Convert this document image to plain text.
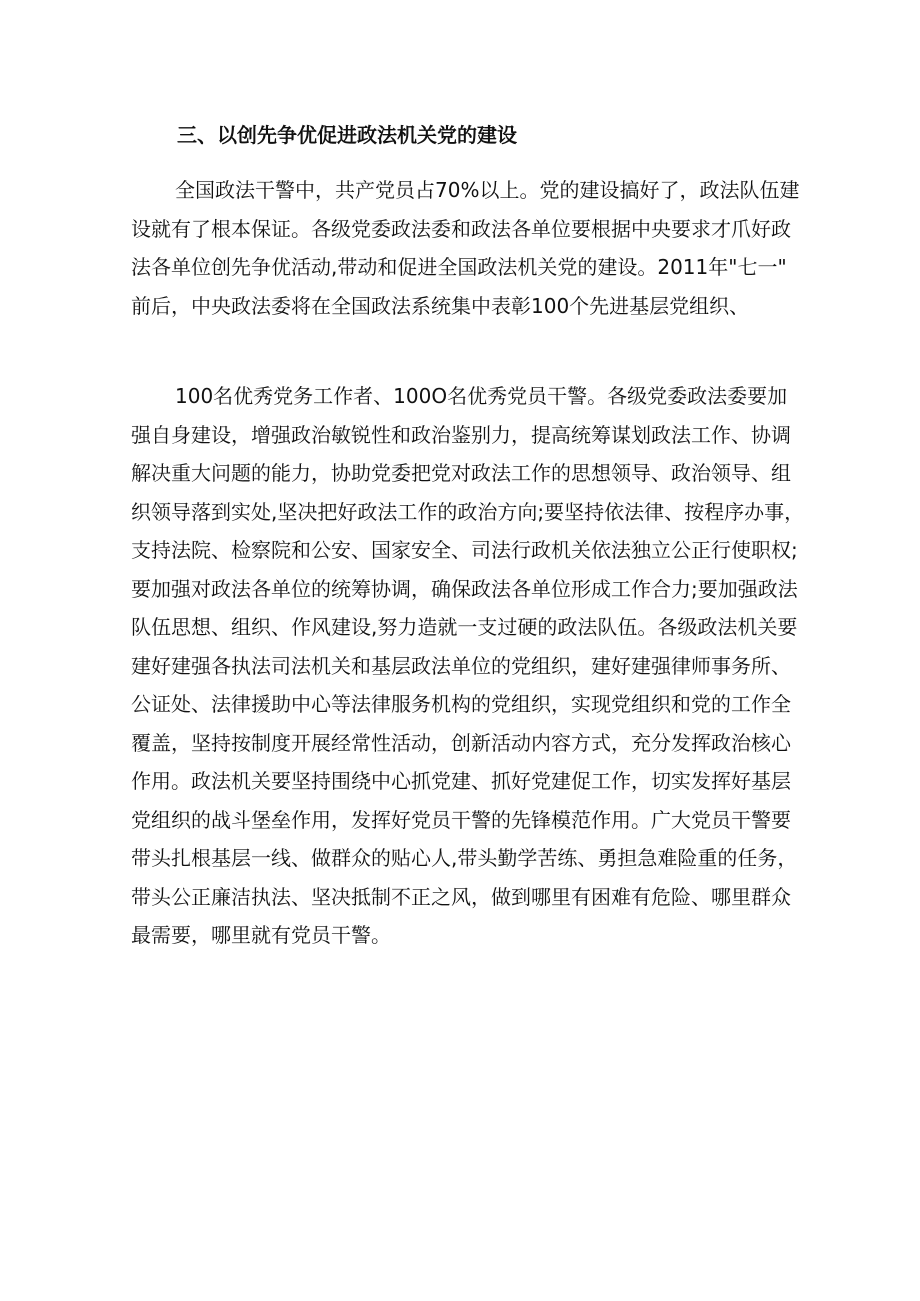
三、以创先争优促进政法机关党的建设
全国政法干警中，共产党员占70%以上。党的建设搞好了，政法队伍建
设就有了根本保证。各级党委政法委和政法各单位要根据中央要求才爪好政
法各单位创先争优活动,带动和促进全国政法机关党的建设。2011年"七一"
前后，中央政法委将在全国政法系统集中表彰100个先进基层党组织、
100名优秀党务工作者、100O名优秀党员干警。各级党委政法委要加
强自身建设，增强政治敏锐性和政治鉴别力，提高统筹谋划政法工作、协调
解决重大问题的能力，协助党委把党对政法工作的思想领导、政治领导、组
织领导落到实处,坚决把好政法工作的政治方向;要坚持依法律、按程序办事，
支持法院、检察院和公安、国家安全、司法行政机关依法独立公正行使职权;
要加强对政法各单位的统筹协调，确保政法各单位形成工作合力;要加强政法
队伍思想、组织、作风建设,努力造就一支过硬的政法队伍。各级政法机关要
建好建强各执法司法机关和基层政法单位的党组织，建好建强律师事务所、
公证处、法律援助中心等法律服务机构的党组织，实现党组织和党的工作全
覆盖，坚持按制度开展经常性活动，创新活动内容方式，充分发挥政治核心
作用。政法机关要坚持围绕中心抓党建、抓好党建促工作，切实发挥好基层
党组织的战斗堡垒作用，发挥好党员干警的先锋模范作用。广大党员干警要
带头扎根基层一线、做群众的贴心人,带头勤学苦练、勇担急难险重的任务，
带头公正廉洁执法、坚决抵制不正之风，做到哪里有困难有危险、哪里群众
最需要，哪里就有党员干警。
